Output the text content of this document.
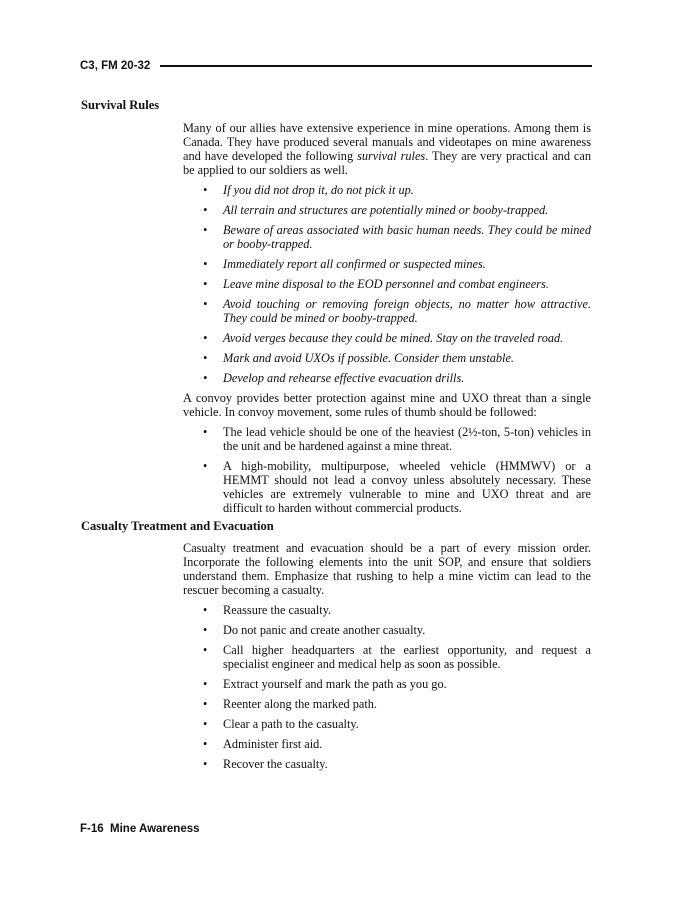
C3, FM 20-32
Survival Rules

Many of our allies have extensive experience in mine operations. Among them is Canada. They have produced several manuals and videotapes on mine awareness and have developed the following survival rules. They are very practical and can be applied to our soldiers as well.

• If you did not drop it, do not pick it up.
• All terrain and structures are potentially mined or booby-trapped.
• Beware of areas associated with basic human needs. They could be mined or booby-trapped.
• Immediately report all confirmed or suspected mines.
• Leave mine disposal to the EOD personnel and combat engineers.
• Avoid touching or removing foreign objects, no matter how attractive. They could be mined or booby-trapped.
• Avoid verges because they could be mined. Stay on the traveled road.
• Mark and avoid UXOs if possible. Consider them unstable.
• Develop and rehearse effective evacuation drills.

A convoy provides better protection against mine and UXO threat than a single vehicle. In convoy movement, some rules of thumb should be followed:

• The lead vehicle should be one of the heaviest (2½-ton, 5-ton) vehicles in the unit and be hardened against a mine threat.
• A high-mobility, multipurpose, wheeled vehicle (HMMWV) or a HEMMT should not lead a convoy unless absolutely necessary. These vehicles are extremely vulnerable to mine and UXO threat and are difficult to harden without commercial products.
Casualty Treatment and Evacuation

Casualty treatment and evacuation should be a part of every mission order. Incorporate the following elements into the unit SOP, and ensure that soldiers understand them. Emphasize that rushing to help a mine victim can lead to the rescuer becoming a casualty.

• Reassure the casualty.
• Do not panic and create another casualty.
• Call higher headquarters at the earliest opportunity, and request a specialist engineer and medical help as soon as possible.
• Extract yourself and mark the path as you go.
• Reenter along the marked path.
• Clear a path to the casualty.
• Administer first aid.
• Recover the casualty.
F-16  Mine Awareness
